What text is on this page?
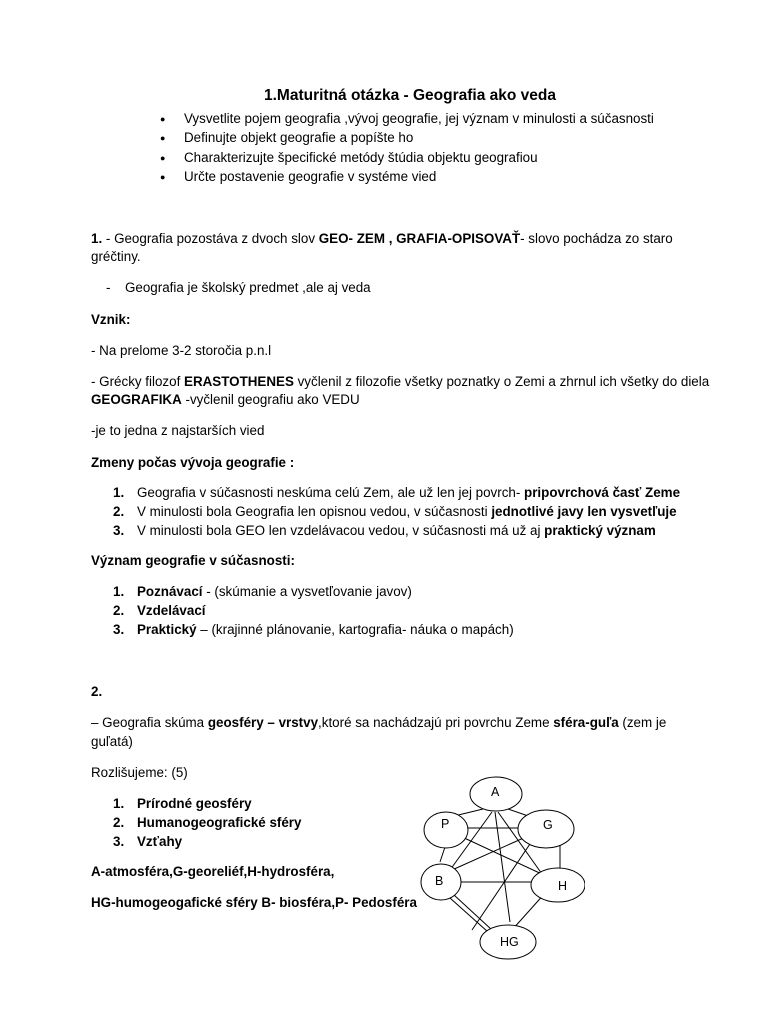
1.Maturitná otázka - Geografia ako veda
Vysvetlite pojem geografia ,vývoj geografie, jej význam v minulosti a súčasnosti
Definujte objekt geografie a popíšte ho
Charakterizujte špecifické metódy štúdia objektu geografiou
Určte postavenie geografie v systéme vied
1. - Geografia pozostáva z dvoch slov GEO- ZEM , GRAFIA-OPISOVAŤ- slovo pochádza zo staro
gréčtiny.
- Geografia je školský predmet ,ale aj veda
Vznik:
- Na prelome 3-2 storočia p.n.l
- Grécky filozof ERASTOTHENES vyčlenil z filozofie všetky poznatky o Zemi a zhrnul ich všetky do diela
GEOGRAFIKA -vyčlenil geografiu ako VEDU
-je to jedna z najstarších vied
Zmeny počas vývoja geografie :
1. Geografia v súčasnosti neskúma celú Zem, ale už len jej povrch- pripovrchová časť Zeme
2. V minulosti bola Geografia len opisnou vedou, v súčasnosti jednotlivé javy len vysvetľuje
3. V minulosti bola GEO len vzdelávacou vedou, v súčasnosti má už aj praktický význam
Význam geografie v súčasnosti:
1. Poznávací - (skúmanie a vysvetľovanie javov)
2. Vzdelávací
3. Praktický – (krajinné plánovanie, kartografia- náuka o mapách)
2.
– Geografia skúma geosféry – vrstvy,ktoré sa nachádzajú pri povrchu Zeme sféra-guľa (zem je
guľatá)
Rozlišujeme: (5)
1. Prírodné geosféry
2. Humanogeografické sféry
3. Vzťahy
A-atmosféra,G-georeliéf,H-hydrosféra,
HG-humogeogafické sféry B- biosféra,P- Pedosféra
A
P	G
B	H
HG
